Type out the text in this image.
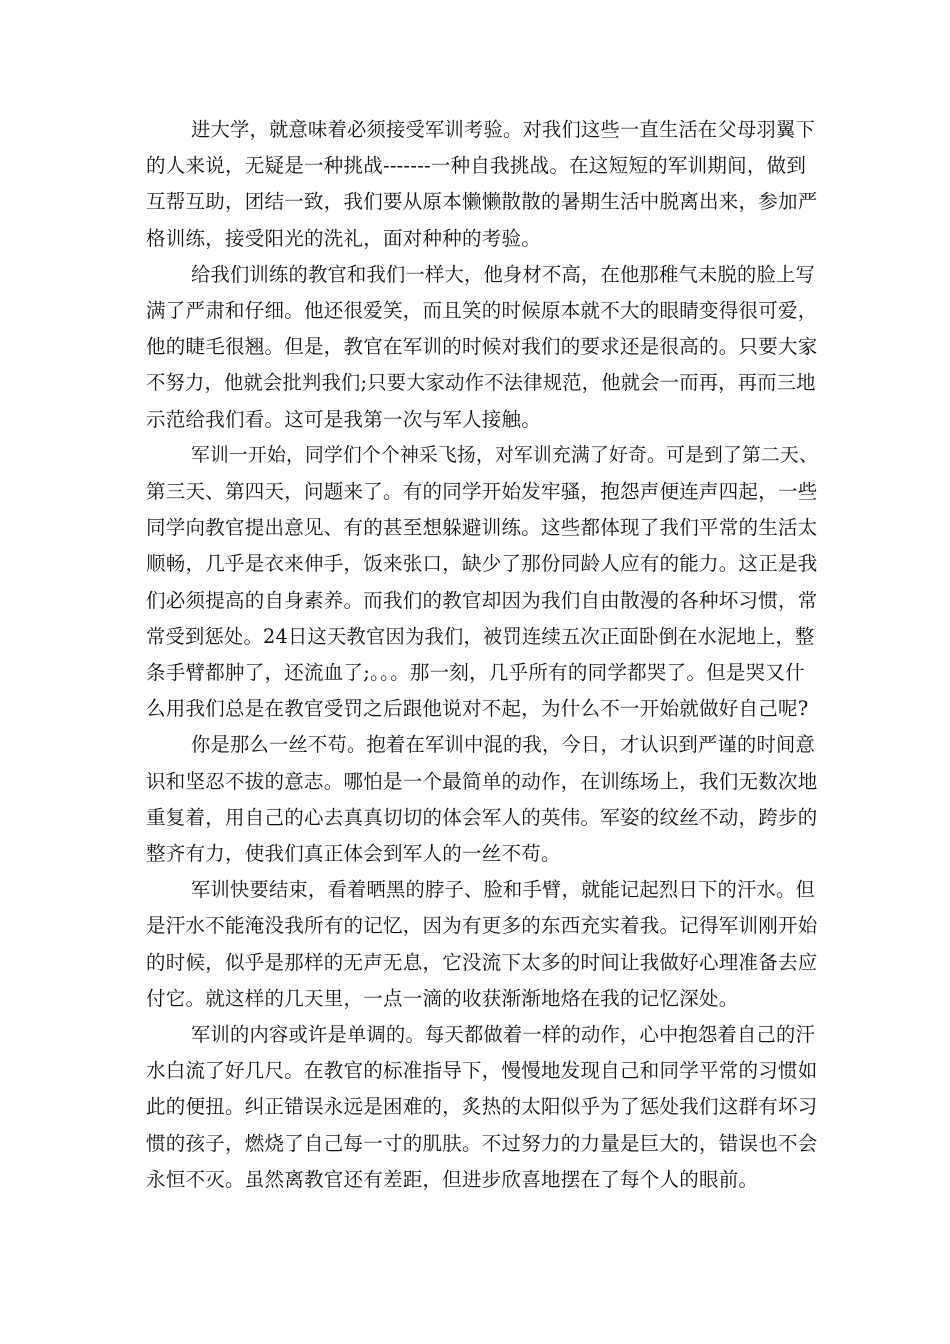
进大学，就意味着必须接受军训考验。对我们这些一直生活在父母羽翼下
的人来说，无疑是一种挑战-------一种自我挑战。在这短短的军训期间，做到
互帮互助，团结一致，我们要从原本懒懒散散的暑期生活中脱离出来，参加严
格训练，接受阳光的洗礼，面对种种的考验。

给我们训练的教官和我们一样大，他身材不高，在他那稚气未脱的脸上写
满了严肃和仔细。他还很爱笑，而且笑的时候原本就不大的眼睛变得很可爱，
他的睫毛很翘。但是，教官在军训的时候对我们的要求还是很高的。只要大家
不努力，他就会批判我们;只要大家动作不法律规范，他就会一而再，再而三地
示范给我们看。这可是我第一次与军人接触。

军训一开始，同学们个个神采飞扬，对军训充满了好奇。可是到了第二天、
第三天、第四天，问题来了。有的同学开始发牢骚，抱怨声便连声四起，一些
同学向教官提出意见、有的甚至想躲避训练。这些都体现了我们平常的生活太
顺畅，几乎是衣来伸手，饭来张口，缺少了那份同龄人应有的能力。这正是我
们必须提高的自身素养。而我们的教官却因为我们自由散漫的各种坏习惯，常
常受到惩处。24日这天教官因为我们，被罚连续五次正面卧倒在水泥地上，整
条手臂都肿了，还流血了;。。。那一刻，几乎所有的同学都哭了。但是哭又什
么用我们总是在教官受罚之后跟他说对不起，为什么不一开始就做好自己呢?

你是那么一丝不苟。抱着在军训中混的我，今日，才认识到严谨的时间意
识和坚忍不拔的意志。哪怕是一个最简单的动作，在训练场上，我们无数次地
重复着，用自己的心去真真切切的体会军人的英伟。军姿的纹丝不动，跨步的
整齐有力，使我们真正体会到军人的一丝不苟。

军训快要结束，看着晒黑的脖子、脸和手臂，就能记起烈日下的汗水。但
是汗水不能淹没我所有的记忆，因为有更多的东西充实着我。记得军训刚开始
的时候，似乎是那样的无声无息，它没流下太多的时间让我做好心理准备去应
付它。就这样的几天里，一点一滴的收获渐渐地烙在我的记忆深处。

军训的内容或许是单调的。每天都做着一样的动作，心中抱怨着自己的汗
水白流了好几尺。在教官的标准指导下，慢慢地发现自己和同学平常的习惯如
此的便扭。纠正错误永远是困难的，炙热的太阳似乎为了惩处我们这群有坏习
惯的孩子，燃烧了自己每一寸的肌肤。不过努力的力量是巨大的，错误也不会
永恒不灭。虽然离教官还有差距，但进步欣喜地摆在了每个人的眼前。
